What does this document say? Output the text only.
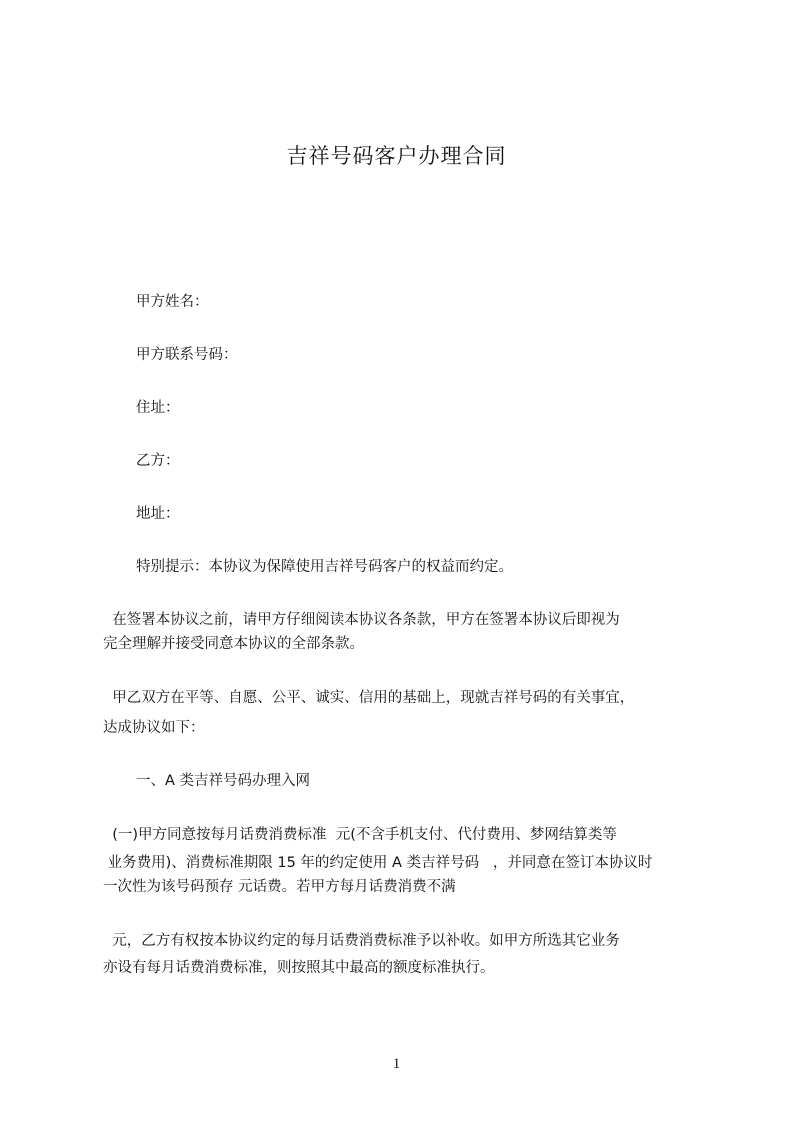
吉祥号码客户办理合同
甲方姓名：
甲方联系号码：
住址：
乙方：
地址：
特别提示：本协议为保障使用吉祥号码客户的权益而约定。
在签署本协议之前，请甲方仔细阅读本协议各条款，甲方在签署本协议后即视为
完全理解并接受同意本协议的全部条款。
甲乙双方在平等、自愿、公平、诚实、信用的基础上，现就吉祥号码的有关事宜，
达成协议如下：
一、A 类吉祥号码办理入网
(一)甲方同意按每月话费消费标准  元(不含手机支付、代付费用、梦网结算类等
业务费用)、消费标准期限 15 年的约定使用 A 类吉祥号码   ，并同意在签订本协议时
一次性为该号码预存 元话费。若甲方每月话费消费不满
元，乙方有权按本协议约定的每月话费消费标准予以补收。如甲方所选其它业务
亦设有每月话费消费标准，则按照其中最高的额度标准执行。
1
